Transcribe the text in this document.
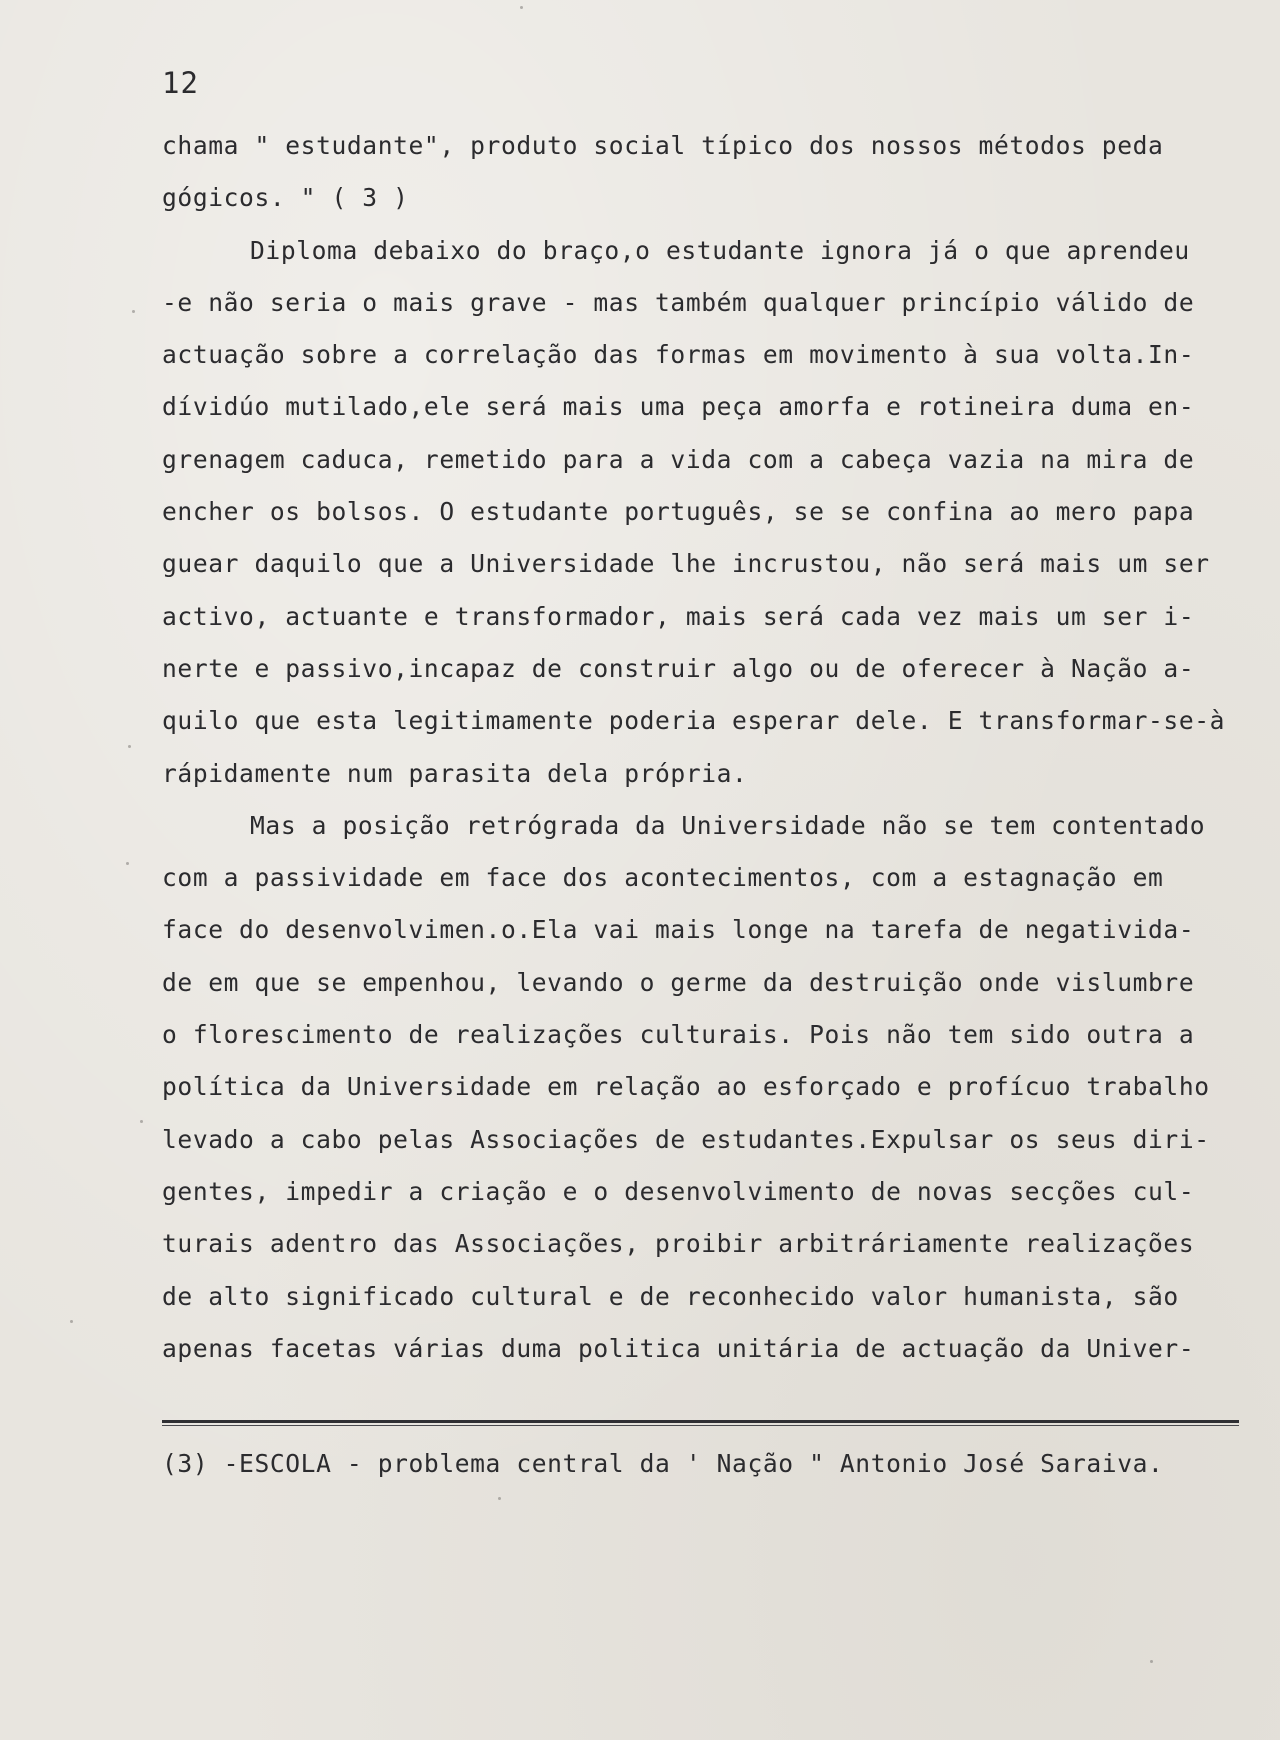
12
chama " estudante", produto social típico dos nossos métodos peda
gógicos. " ( 3 )
Diploma debaixo do braço,o estudante ignora já o que aprendeu
-e não seria o mais grave - mas também qualquer princípio válido de
actuação sobre a correlação das formas em movimento à sua volta.In-
dívidúo mutilado,ele será mais uma peça amorfa e rotineira duma en-
grenagem caduca, remetido para a vida com a cabeça vazia na mira de
encher os bolsos. O estudante português, se se confina ao mero papa
guear daquilo que a Universidade lhe incrustou, não será mais um ser
activo, actuante e transformador, mais será cada vez mais um ser i-
nerte e passivo,incapaz de construir algo ou de oferecer à Nação a-
quilo que esta legitimamente poderia esperar dele. E transformar-se-à
rápidamente num parasita dela própria.
Mas a posição retrógrada da Universidade não se tem contentado
com a passividade em face dos acontecimentos, com a estagnação em
face do desenvolvimen.o.Ela vai mais longe na tarefa de negativida-
de em que se empenhou, levando o germe da destruição onde vislumbre
o florescimento de realizações culturais. Pois não tem sido outra a
política da Universidade em relação ao esforçado e profícuo trabalho
levado a cabo pelas Associações de estudantes.Expulsar os seus diri-
gentes, impedir a criação e o desenvolvimento de novas secções cul-
turais adentro das Associações, proibir arbitráriamente realizações
de alto significado cultural e de reconhecido valor humanista, são
apenas facetas várias duma politica unitária de actuação da Univer-
(3) -ESCOLA - problema central da ' Nação " Antonio José Saraiva.
